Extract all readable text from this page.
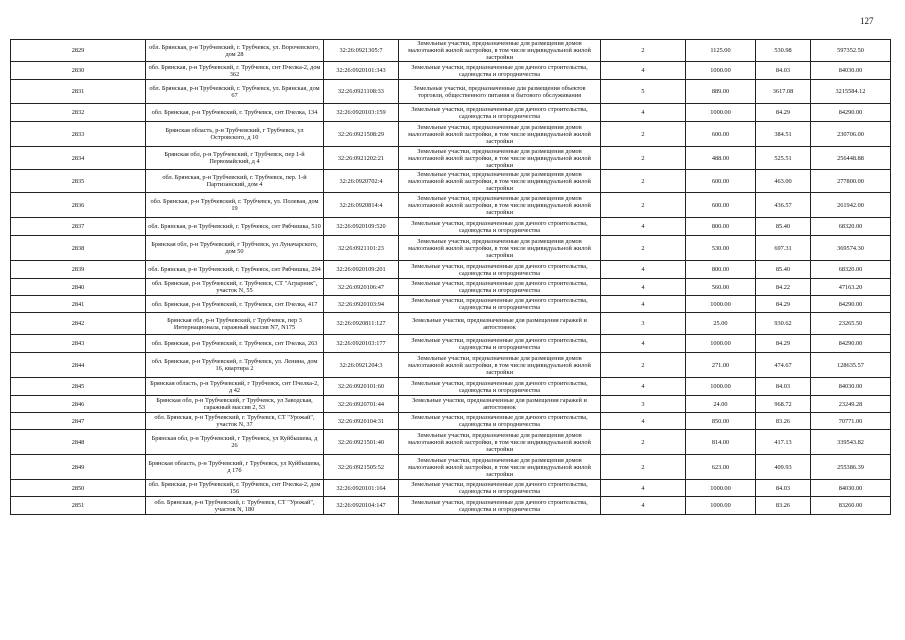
127
2829	обл. Брянская, р-н Трубчевский, г. Трубчевск, ул. Ворочевского, дом 28	32:26:0921305:7	Земельные участки, предназначенные для размещения домов малоэтажной жилой застройки, в том числе индивидуальной жилой застройки	2	1125.00	530.98	597352.50
2830	обл. Брянская, р-н Трубчевский, г. Трубчевск, снт Пчелка-2, дом 362	32:26:0920101:343	Земельные участки, предназначенные для дачного строительства, садоводства и огородничества	4	1000.00	84.03	84030.00
2831	обл. Брянская, р-н Трубчевский, г. Трубчевск, ул. Брянская, дом 67	32:26:0921108:33	Земельные участки, предназначенные для размещения объектов торговли, общественного питания и бытового обслуживания	5	889.00	3617.08	3215584.12
2832	обл. Брянская, р-н Трубчевский, г. Трубчевск, снт Пчелка, 134	32:26:0920103:159	Земельные участки, предназначенные для дачного строительства, садоводства и огородничества	4	1000.00	84.29	84290.00
2833	Брянская область, р-н Трубчевский, г Трубчевск, ул Островского, д 10	32:26:0921508:29	Земельные участки, предназначенные для размещения домов малоэтажной жилой застройки, в том числе индивидуальной жилой застройки	2	600.00	384.51	230706.00
2834	Брянская обл, р-н Трубчевский, г Трубчевск, пер 1-й Первомайский, д 4	32:26:0921202:21	Земельные участки, предназначенные для размещения домов малоэтажной жилой застройки, в том числе индивидуальной жилой застройки	2	488.00	525.51	256448.88
2835	обл. Брянская, р-н Трубчевский, г. Трубчевск, пер. 1-й Партизанский, дом 4	32:26:0920702:4	Земельные участки, предназначенные для размещения домов малоэтажной жилой застройки, в том числе индивидуальной жилой застройки	2	600.00	463.00	277800.00
2836	обл. Брянская, р-н Трубчевский, г. Трубчевск, ул. Полевая, дом 19	32:26:0920814:4	Земельные участки, предназначенные для размещения домов малоэтажной жилой застройки, в том числе индивидуальной жилой застройки	2	600.00	436.57	261942.00
2837	обл. Брянская, р-н Трубчевский, г. Трубчевск, снт Рябчишка, 510	32:26:0920109:520	Земельные участки, предназначенные для дачного строительства, садоводства и огородничества	4	800.00	85.40	68320.00
2838	Брянская обл, р-н Трубчевский, г Трубчевск, ул Луначарского, дом 50	32:26:0921101:23	Земельные участки, предназначенные для размещения домов малоэтажной жилой застройки, в том числе индивидуальной жилой застройки	2	530.00	697.31	369574.30
2839	обл. Брянская, р-н Трубчевский, г. Трубчевск, снт Рябчишка, 294	32:26:0920109:201	Земельные участки, предназначенные для дачного строительства, садоводства и огородничества	4	800.00	85.40	68320.00
2840	обл. Брянская, р-н Трубчевский, г. Трубчевск, СТ "Аграрник", участок N, 55	32:26:0920106:47	Земельные участки, предназначенные для дачного строительства, садоводства и огородничества	4	560.00	84.22	47163.20
2841	обл. Брянская, р-н Трубчевский, г. Трубчевск, снт Пчелка, 417	32:26:0920103:94	Земельные участки, предназначенные для дачного строительства, садоводства и огородничества	4	1000.00	84.29	84290.00
2842	Брянская обл, р-н Трубчевский, г Трубчевск, пер 3 Интернационала, гаражный массив N7, N175	32:26:0920811:127	Земельные участки, предназначенные для размещения гаражей и автостоянок	3	25.00	930.62	23265.50
2843	обл. Брянская, р-н Трубчевский, г. Трубчевск, снт Пчелка, 263	32:26:0920103:177	Земельные участки, предназначенные для дачного строительства, садоводства и огородничества	4	1000.00	84.29	84290.00
2844	обл. Брянская, р-н Трубчевский, г. Трубчевск, ул. Ленина, дом 16, квартира 2	32:26:0921204:3	Земельные участки, предназначенные для размещения домов малоэтажной жилой застройки, в том числе индивидуальной жилой застройки	2	271.00	474.67	128635.57
2845	Брянская область, р-н Трубчевский, г Трубчевск, снт Пчелка-2, д 42	32:26:0920101:60	Земельные участки, предназначенные для дачного строительства, садоводства и огородничества	4	1000.00	84.03	84030.00
2846	Брянская обл, р-н Трубчевский, г Трубчевск, ул Заводская, гаражный массив 2, 53	32:26:0920701:44	Земельные участки, предназначенные для размещения гаражей и автостоянок	3	24.00	968.72	23249.28
2847	обл. Брянская, р-н Трубчевский, г. Трубчевск, СТ "Урожай", участок N, 37	32:26:0920104:31	Земельные участки, предназначенные для дачного строительства, садоводства и огородничества	4	850.00	83.26	70771.00
2848	Брянская обл, р-н Трубчевский, г Трубчевск, ул Куйбышева, д 26	32:26:0921501:40	Земельные участки, предназначенные для размещения домов малоэтажной жилой застройки, в том числе индивидуальной жилой застройки	2	814.00	417.13	339543.82
2849	Брянская область, р-н Трубчевский, г Трубчевск, ул Куйбышева, д 17б	32:26:0921505:52	Земельные участки, предназначенные для размещения домов малоэтажной жилой застройки, в том числе индивидуальной жилой застройки	2	623.00	409.93	255386.39
2850	обл. Брянская, р-н Трубчевский, г. Трубчевск, снт Пчелка-2, дом 156	32:26:0920101:164	Земельные участки, предназначенные для дачного строительства, садоводства и огородничества	4	1000.00	84.03	84030.00
2851	обл. Брянская, р-н Трубчевский, г. Трубчевск, СТ "Урожай", участок N, 180	32:26:0920104:147	Земельные участки, предназначенные для дачного строительства, садоводства и огородничества	4	1000.00	83.26	83260.00
